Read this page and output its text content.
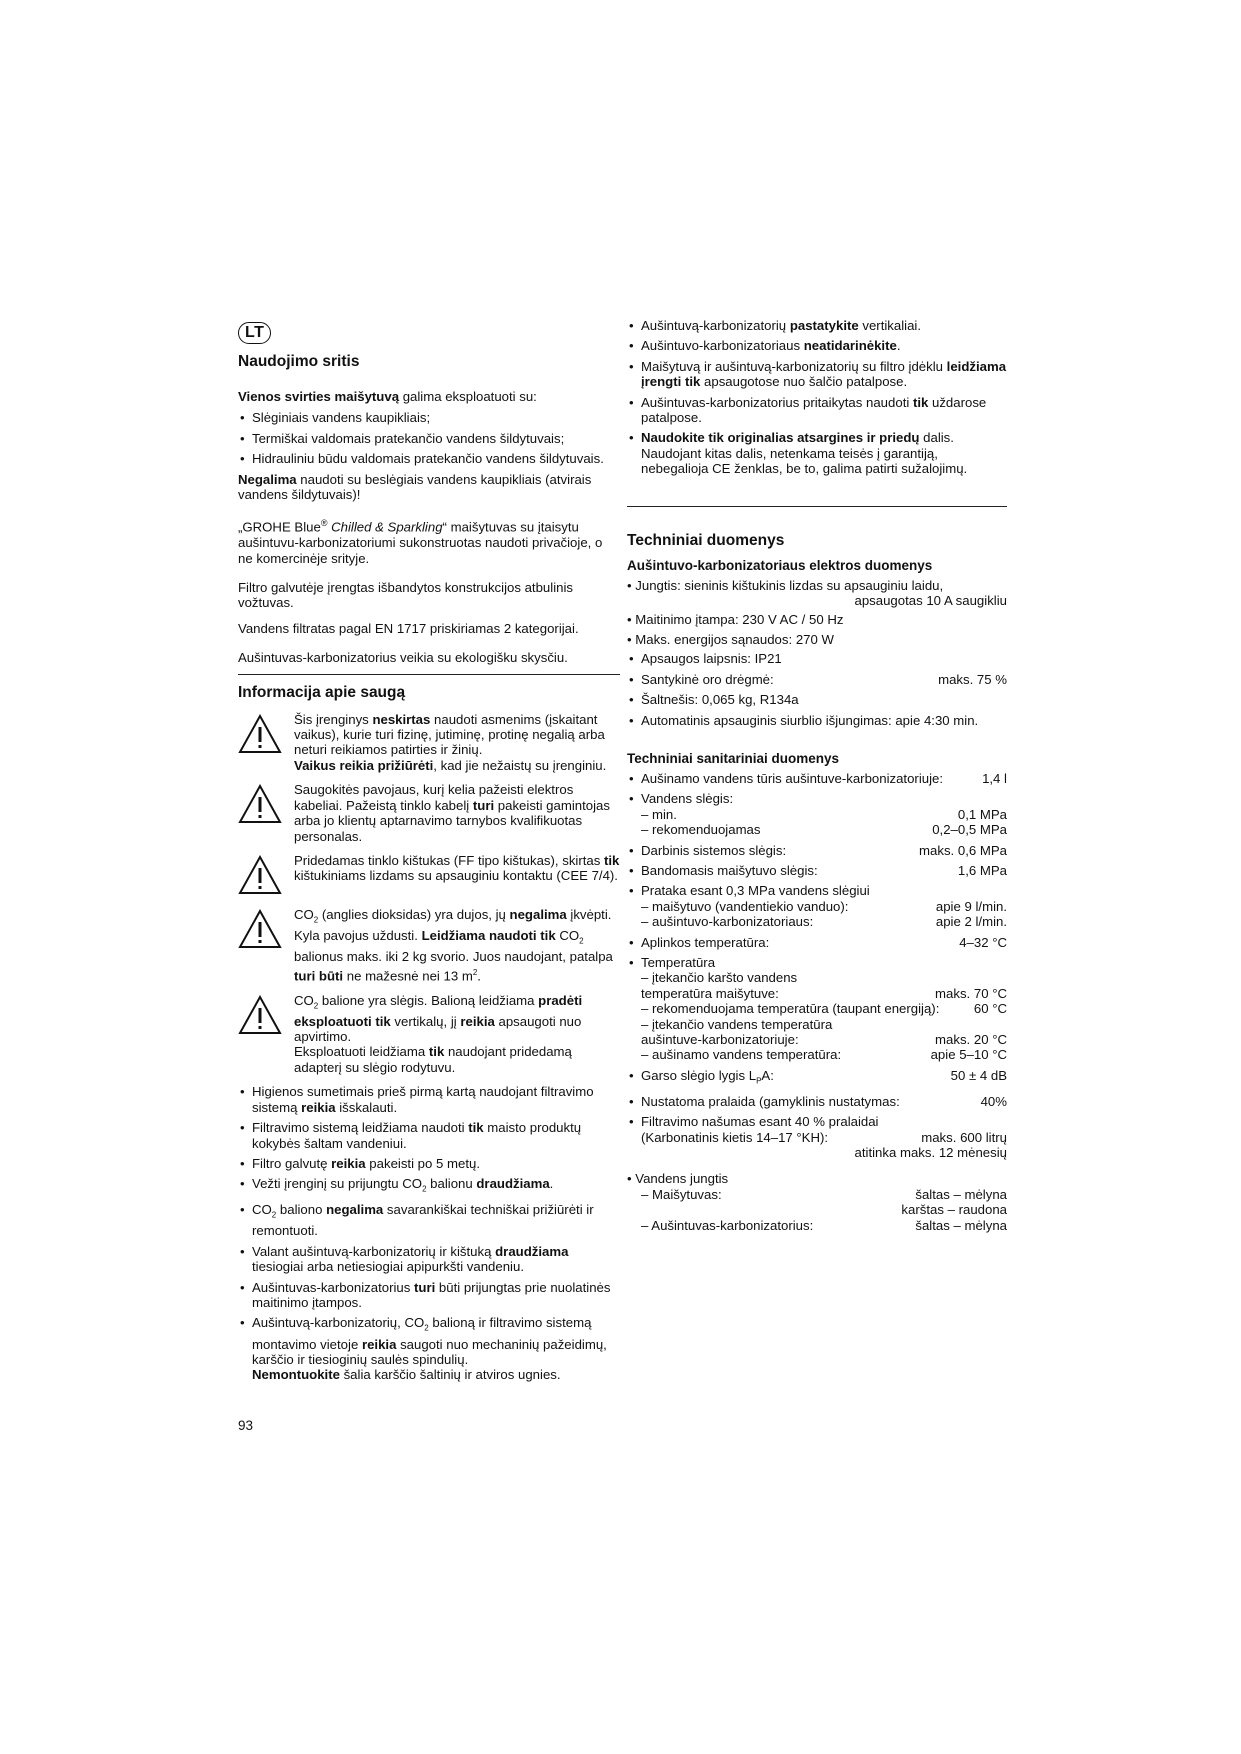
LT
Naudojimo sritis

Vienos svirties maišytuvą galima eksploatuoti su:

• Slėginiais vandens kaupikliais;
• Termiškai valdomais pratekančio vandens šildytuvais;
• Hidrauliniu būdu valdomais pratekančio vandens šildytuvais.

Negalima naudoti su beslėgiais vandens kaupikliais (atvirais vandens šildytuvais)!

„GROHE Blue® Chilled & Sparkling“ maišytuvas su įtaisytu aušintuvu-karbonizatoriumi sukonstruotas naudoti privačioje, o ne komercinėje srityje.

Filtro galvutėje įrengtas išbandytos konstrukcijos atbulinis vožtuvas.

Vandens filtratas pagal EN 1717 priskiriamas 2 kategorijai.

Aušintuvas-karbonizatorius veikia su ekologišku skysčiu.

Informacija apie saugą

Šis įrenginys neskirtas naudoti asmenims (įskaitant vaikus), kurie turi fizinę, jutiminę, protinę negalią arba neturi reikiamos patirties ir žinių.

Vaikus reikia prižiūrėti, kad jie nežaistų su įrenginiu.

Saugokitės pavojaus, kurį kelia pažeisti elektros kabeliai. Pažeistą tinklo kabelį turi pakeisti gamintojas arba jo klientų aptarnavimo tarnybos kvalifikuotas personalas.

Pridedamas tinklo kištukas (FF tipo kištukas), skirtas tik kištukiniams lizdams su apsauginiu kontaktu (CEE 7/4).

$CO_2$ (anglies dioksidas) yra dujos, jų negalima įkvėpti. Kyla pavojus uždusti. Leidžiama naudoti tik $CO_2$ balionus maks. iki 2 kg svorio. Juos naudojant, patalpa turi būti ne mažesnė nei 13 $m^2$.

$CO_2$ balione yra slėgis. Balioną leidžiama pradėti eksploatuoti tik vertikalų, jį reikia apsaugoti nuo apvirtimo.

Eksploatuoti leidžiama tik naudojant pridedamą adapterį su slėgio rodytuvu.

• Higienos sumetimais prieš pirmą kartą naudojant filtravimo sistemą reikia išskalauti.
• Filtravimo sistemą leidžiama naudoti tik maisto produktų kokybės šaltam vandeniui.
• Filtro galvutę reikia pakeisti po 5 metų.
• Vežti įrenginį su prijungtu $CO_2$ balionu draudžiama.
• $CO_2$ baliono negalima savarankiškai techniškai prižiūrėti ir remontuoti.
• Valant aušintuvą-karbonizatorių ir kištuką draudžiama tiesiogiai arba netiesiogiai apipurkšti vandeniu.
• Aušintuvas-karbonizatorius turi būti prijungtas prie nuolatinės maitinimo įtampos.
• Aušintuvą-karbonizatorių, $CO_2$ balioną ir filtravimo sistemą montavimo vietoje reikia saugoti nuo mechaninių pažeidimų, karščio ir tiesioginių saulės spindulių.
Nemontuokite šalia karščio šaltinių ir atviros ugnies.
• Aušintuvą-karbonizatorių pastatykite vertikaliai.
• Aušintuvo-karbonizatoriaus neatidarinėkite.
• Maišytuvą ir aušintuvą-karbonizatorių su filtro įdėklu leidžiama įrengti tik apsaugotose nuo šalčio patalpose.
• Aušintuvas-karbonizatorius pritaikytas naudoti tik uždarose patalpose.
• Naudokite tik originalias atsargines ir priedų dalis. Naudojant kitas dalis, netenkama teisės į garantiją, nebegalioja CE ženklas, be to, galima patirti sužalojimų.
Techniniai duomenys
Aušintuvo-karbonizatoriaus elektros duomenys

• Jungtis: sieninis kištukinis lizdas su apsauginiu laidu,

apsaugotas 10 A saugikliu

• Maitinimo įtampa: 230 V AC / 50 Hz

• Maks. energijos sąnaudos: 270 W

• Apsaugos laipsnis: IP21
• Santykinė oro drėgmė:	maks. 75 %
• Šaltnešis: 0,065 kg, R134a
• Automatinis apsauginis siurblio išjungimas: apie 4:30 min.
Techniniai sanitariniai duomenys
• Aušinamo vandens tūris aušintuve-karbonizatoriuje:	1,4 l
• Vandens slėgis:
– min.	0,1 MPa
– rekomenduojamas	0,2–0,5 MPa
• Darbinis sistemos slėgis:	maks. 0,6 MPa
• Bandomasis maišytuvo slėgis:	1,6 MPa
• Prataka esant 0,3 MPa vandens slėgiui
– maišytuvo (vandentiekio vanduo):	apie 9 l/min.
– aušintuvo-karbonizatoriaus:	apie 2 l/min.
• Aplinkos temperatūra:	4–32 °C
• Temperatūra
– įtekančio karšto vandens
temperatūra maišytuve:	maks. 70 °C
– rekomenduojama temperatūra (taupant energiją):	60 °C
– įtekančio vandens temperatūra
aušintuve-karbonizatoriuje:	maks. 20 °C
– aušinamo vandens temperatūra:	apie 5–10 °C
• Garso slėgio lygis $L_PA$:	50 ± 4 dB
• Nustatoma pralaida (gamyklinis nustatymas:	40%
• Filtravimo našumas esant 40 % pralaidai
(Karbonatinis kietis 14–17 °KH):	maks. 600 litrų
atitinka maks. 12 mėnesių

• Vandens jungtis

– Maišytuvas:	šaltas – mėlyna
karštas – raudona
– Aušintuvas-karbonizatorius:	šaltas – mėlyna
93
